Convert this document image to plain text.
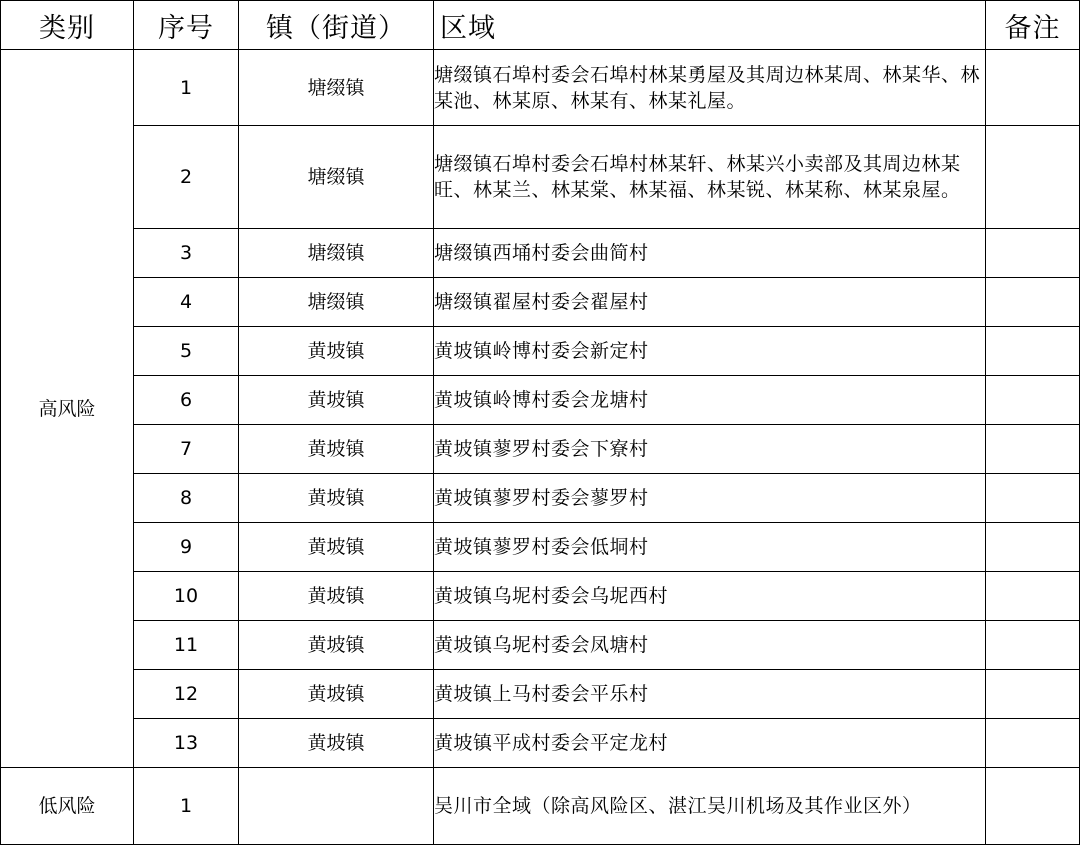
类别	序号	镇（街道）	区域	备注
高风险	1	塘缀镇	塘缀镇石埠村委会石埠村林某勇屋及其周边林某周、林某华、林某池、林某原、林某有、林某礼屋。	
	2	塘缀镇	塘缀镇石埠村委会石埠村林某轩、林某兴小卖部及其周边林某旺、林某兰、林某棠、林某福、林某锐、林某称、林某泉屋。	
	3	塘缀镇	塘缀镇西埇村委会曲简村	
	4	塘缀镇	塘缀镇翟屋村委会翟屋村	
	5	黄坡镇	黄坡镇岭博村委会新定村	
	6	黄坡镇	黄坡镇岭博村委会龙塘村	
	7	黄坡镇	黄坡镇蓼罗村委会下寮村	
	8	黄坡镇	黄坡镇蓼罗村委会蓼罗村	
	9	黄坡镇	黄坡镇蓼罗村委会低垌村	
	10	黄坡镇	黄坡镇乌坭村委会乌坭西村	
	11	黄坡镇	黄坡镇乌坭村委会凤塘村	
	12	黄坡镇	黄坡镇上马村委会平乐村	
	13	黄坡镇	黄坡镇平成村委会平定龙村	
低风险	1		吴川市全域（除高风险区、湛江吴川机场及其作业区外）	
